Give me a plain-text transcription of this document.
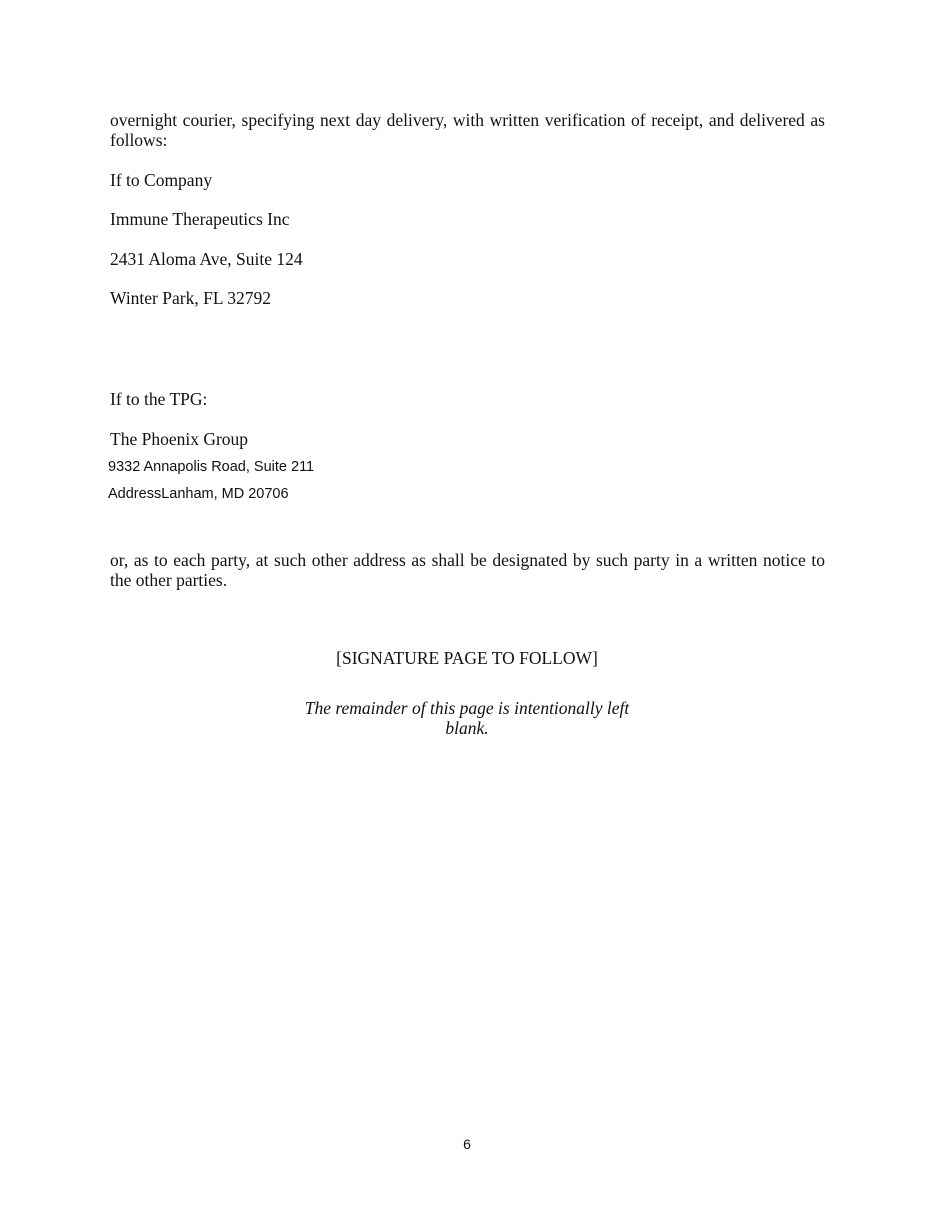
overnight courier, specifying next day delivery, with written verification of receipt, and delivered as follows:

If to Company

Immune Therapeutics Inc

2431 Aloma Ave, Suite 124

Winter Park, FL 32792

If to the TPG:

The Phoenix Group

9332 Annapolis Road, Suite 211

AddressLanham, MD 20706

or, as to each party, at such other address as shall be designated by such party in a written notice to the other parties.

[SIGNATURE PAGE TO FOLLOW]

The remainder of this page is intentionally left blank.

6
